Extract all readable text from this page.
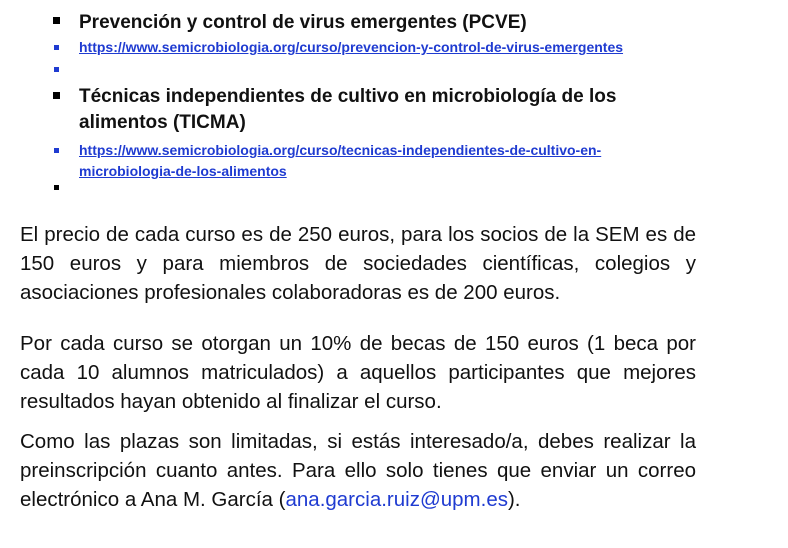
Prevención y control de virus emergentes (PCVE)
https://www.semicrobiologia.org/curso/prevencion-y-control-de-virus-emergentes
Técnicas independientes de cultivo en microbiología de los
alimentos (TICMA)
https://www.semicrobiologia.org/curso/tecnicas-independientes-de-cultivo-en-
microbiologia-de-los-alimentos

El precio de cada curso es de 250 euros, para los socios de la SEM es de 150 euros y para miembros de sociedades científicas, colegios y asociaciones profesionales colaboradoras es de 200 euros.

Por cada curso se otorgan un 10% de becas de 150 euros (1 beca por cada 10 alumnos matriculados) a aquellos participantes que mejores resultados hayan obtenido al finalizar el curso.

Como las plazas son limitadas, si estás interesado/a, debes realizar la preinscripción cuanto antes. Para ello solo tienes que enviar un correo electrónico a Ana M. García (ana.garcia.ruiz@upm.es).
